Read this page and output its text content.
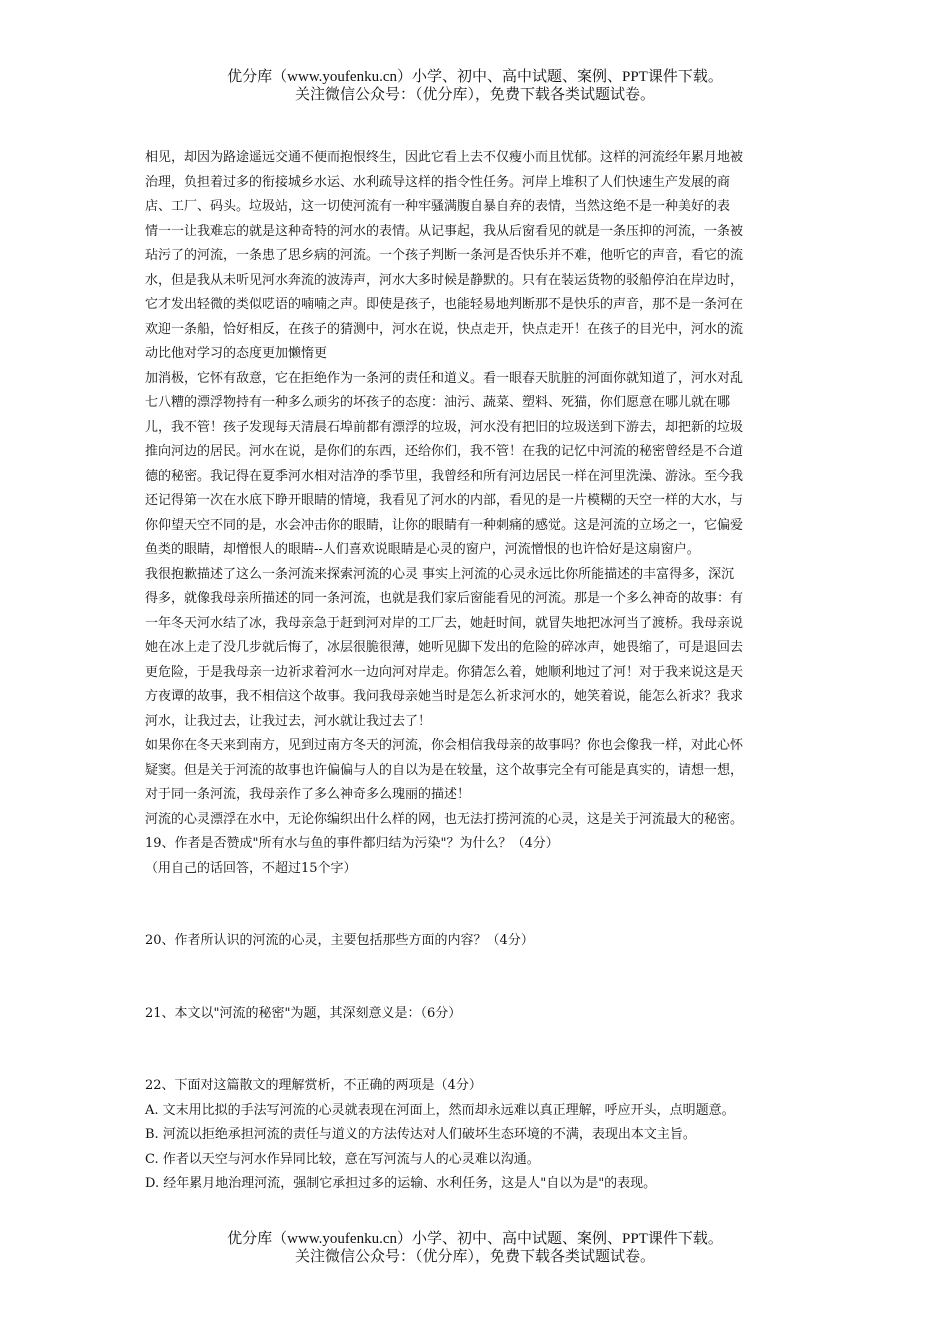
优分库（www.youfenku.cn）小学、初中、高中试题、案例、PPT课件下载。
关注微信公众号：（优分库），免费下载各类试题试卷。
相见，却因为路途遥远交通不便而抱恨终生，因此它看上去不仅瘦小而且忧郁。这样的河流经年累月地被
治理，负担着过多的衔接城乡水运、水利疏导这样的指令性任务。河岸上堆积了人们快速生产发展的商
店、工厂、码头。垃圾站，这一切使河流有一种牢骚满腹自暴自弃的表情，当然这绝不是一种美好的表
情一一让我难忘的就是这种奇特的河水的表情。从记事起，我从后窗看见的就是一条压抑的河流，一条被
玷污了的河流，一条患了思乡病的河流。一个孩子判断一条河是否快乐并不难，他听它的声音，看它的流
水，但是我从未听见河水奔流的波涛声，河水大多时候是静默的。只有在装运货物的驳船停泊在岸边时，
它才发出轻微的类似呓语的喃喃之声。即使是孩子，也能轻易地判断那不是快乐的声音，那不是一条河在
欢迎一条船，恰好相反，在孩子的猜测中，河水在说，快点走开，快点走开！在孩子的目光中，河水的流
动比他对学习的态度更加懒惰更
加消极，它怀有敌意，它在拒绝作为一条河的责任和道义。看一眼春天肮脏的河面你就知道了，河水对乱
七八糟的漂浮物持有一种多么顽劣的坏孩子的态度：油污、蔬菜、塑料、死猫，你们愿意在哪儿就在哪
儿，我不管！孩子发现每天清晨石埠前都有漂浮的垃圾，河水没有把旧的垃圾送到下游去，却把新的垃圾
推向河边的居民。河水在说，是你们的东西，还给你们，我不管！在我的记忆中河流的秘密曾经是不合道
德的秘密。我记得在夏季河水相对洁净的季节里，我曾经和所有河边居民一样在河里洗澡、游泳。至今我
还记得第一次在水底下睁开眼睛的情境，我看见了河水的内部，看见的是一片模糊的天空一样的大水，与
你仰望天空不同的是，水会冲击你的眼睛，让你的眼睛有一种刺痛的感觉。这是河流的立场之一，它偏爱
鱼类的眼睛，却憎恨人的眼睛--人们喜欢说眼睛是心灵的窗户，河流憎恨的也许恰好是这扇窗户。
我很抱歉描述了这么一条河流来探索河流的心灵 事实上河流的心灵永远比你所能描述的丰富得多，深沉
得多，就像我母亲所描述的同一条河流，也就是我们家后窗能看见的河流。那是一个多么神奇的故事：有
一年冬天河水结了冰，我母亲急于赶到河对岸的工厂去，她赶时间，就冒失地把冰河当了渡桥。我母亲说
她在冰上走了没几步就后悔了，冰层很脆很薄，她听见脚下发出的危险的碎冰声，她畏缩了，可是退回去
更危险，于是我母亲一边祈求着河水一边向河对岸走。你猜怎么着，她顺利地过了河！对于我来说这是天
方夜谭的故事，我不相信这个故事。我问我母亲她当时是怎么祈求河水的，她笑着说，能怎么祈求？我求
河水，让我过去，让我过去，河水就让我过去了！
如果你在冬天来到南方，见到过南方冬天的河流，你会相信我母亲的故事吗？你也会像我一样，对此心怀
疑窦。但是关于河流的故事也许偏偏与人的自以为是在较量，这个故事完全有可能是真实的，请想一想，
对于同一条河流，我母亲作了多么神奇多么瑰丽的描述！
河流的心灵漂浮在水中，无论你编织出什么样的网，也无法打捞河流的心灵，这是关于河流最大的秘密。

19、作者是否赞成"所有水与鱼的事件都归结为污染"？为什么？（4分）

（用自己的话回答，不超过15个字）

20、作者所认识的河流的心灵，主要包括那些方面的内容？（4分）

21、本文以"河流的秘密"为题，其深刻意义是：（6分）

22、下面对这篇散文的理解赏析，不正确的两项是（4分）

A. 文末用比拟的手法写河流的心灵就表现在河面上，然而却永远难以真正理解，呼应开头，点明题意。

B. 河流以拒绝承担河流的责任与道义的方法传达对人们破坏生态环境的不满，表现出本文主旨。

C. 作者以天空与河水作异同比较，意在写河流与人的心灵难以沟通。

D. 经年累月地治理河流，强制它承担过多的运输、水利任务，这是人"自以为是"的表现。

优分库（www.youfenku.cn）小学、初中、高中试题、案例、PPT课件下载。
关注微信公众号：（优分库），免费下载各类试题试卷。
